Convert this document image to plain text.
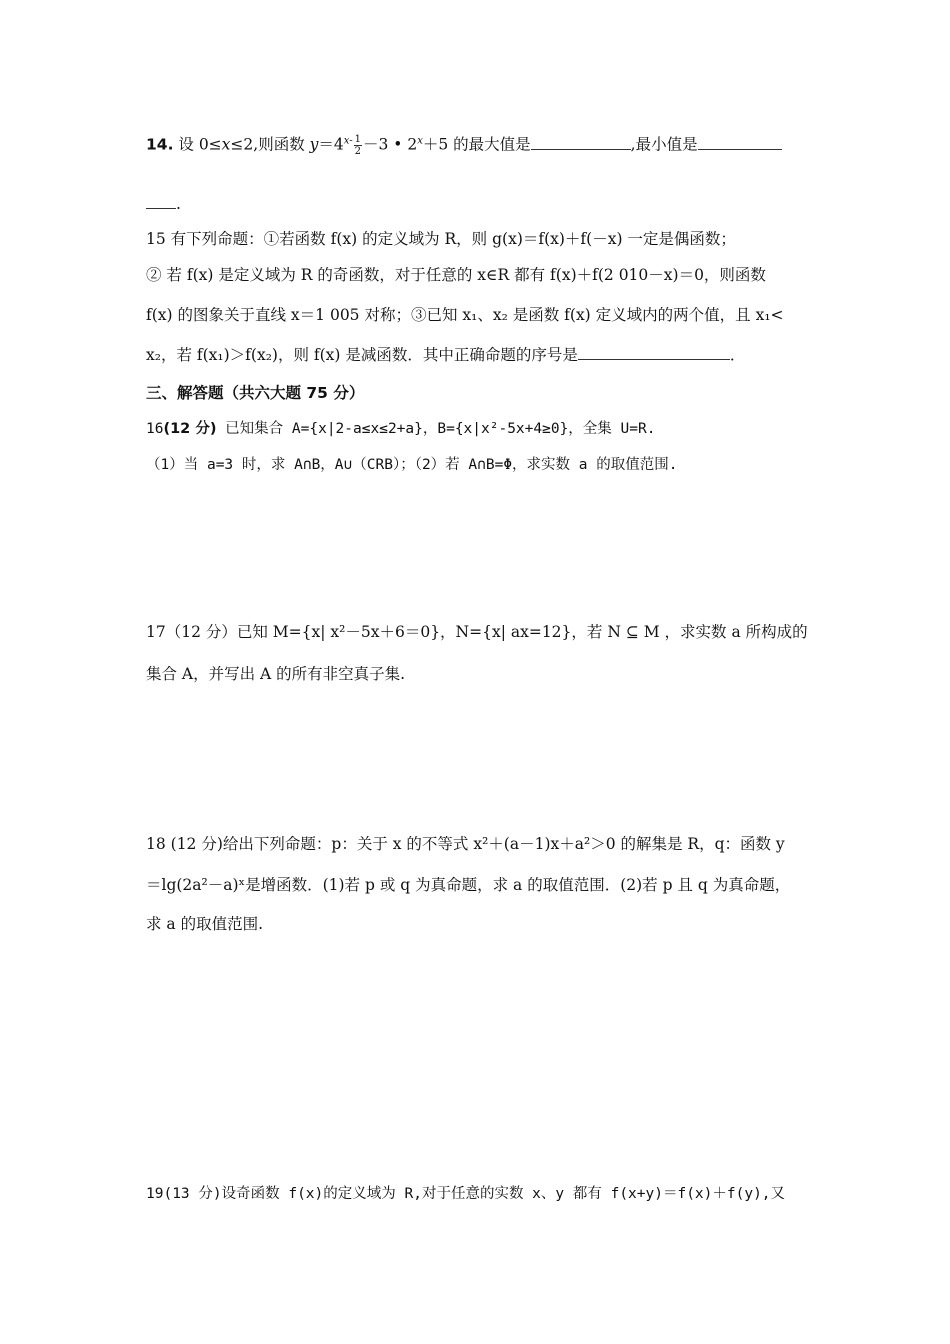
14. 设 0≤x≤2,则函数 $y=4^{x-} \frac{1}{2} -3$ • $2^x+5$ 的最大值是	,最小值是
.
15 有下列命题：①若函数 f(x) 的定义域为 R，则 g(x)＝f(x)＋f(－x) 一定是偶函数；
② 若 f(x) 是定义域为 R 的奇函数，对于任意的 x∈R 都有 f(x)＋f(2 010－x)＝0，则函数
f(x) 的图象关于直线 x＝1 005 对称；③已知 x₁、x₂ 是函数 f(x) 定义域内的两个值，且 x₁<
x₂，若 f(x₁)＞f(x₂)，则 f(x) 是减函数．其中正确命题的序号是	．
三、解答题（共六大题 75 分）
16(12 分) 已知集合 A={x|2-a≤x≤2+a}，B={x|x²-5x+4≥0}，全集 U=R.
（1）当 a=3 时，求 A∩B，A∪（CRB）；（2）若 A∩B=Φ，求实数 a 的取值范围.
17（12 分）已知 M={x| x²－5x＋6＝0}，N={x| ax=12}，若 N ⊆ M ，求实数 a 所构成的
集合 A，并写出 A 的所有非空真子集.
18 (12 分)给出下列命题：p：关于 x 的不等式 x²＋(a－1)x＋a²＞0 的解集是 R，q：函数 y
＝lg(2a²－a)ˣ是增函数．(1)若 p 或 q 为真命题，求 a 的取值范围．(2)若 p 且 q 为真命题，
求 a 的取值范围.
19(13 分)设奇函数 f(x)的定义域为 R,对于任意的实数 x、y 都有 f(x+y)＝f(x)＋f(y),又
